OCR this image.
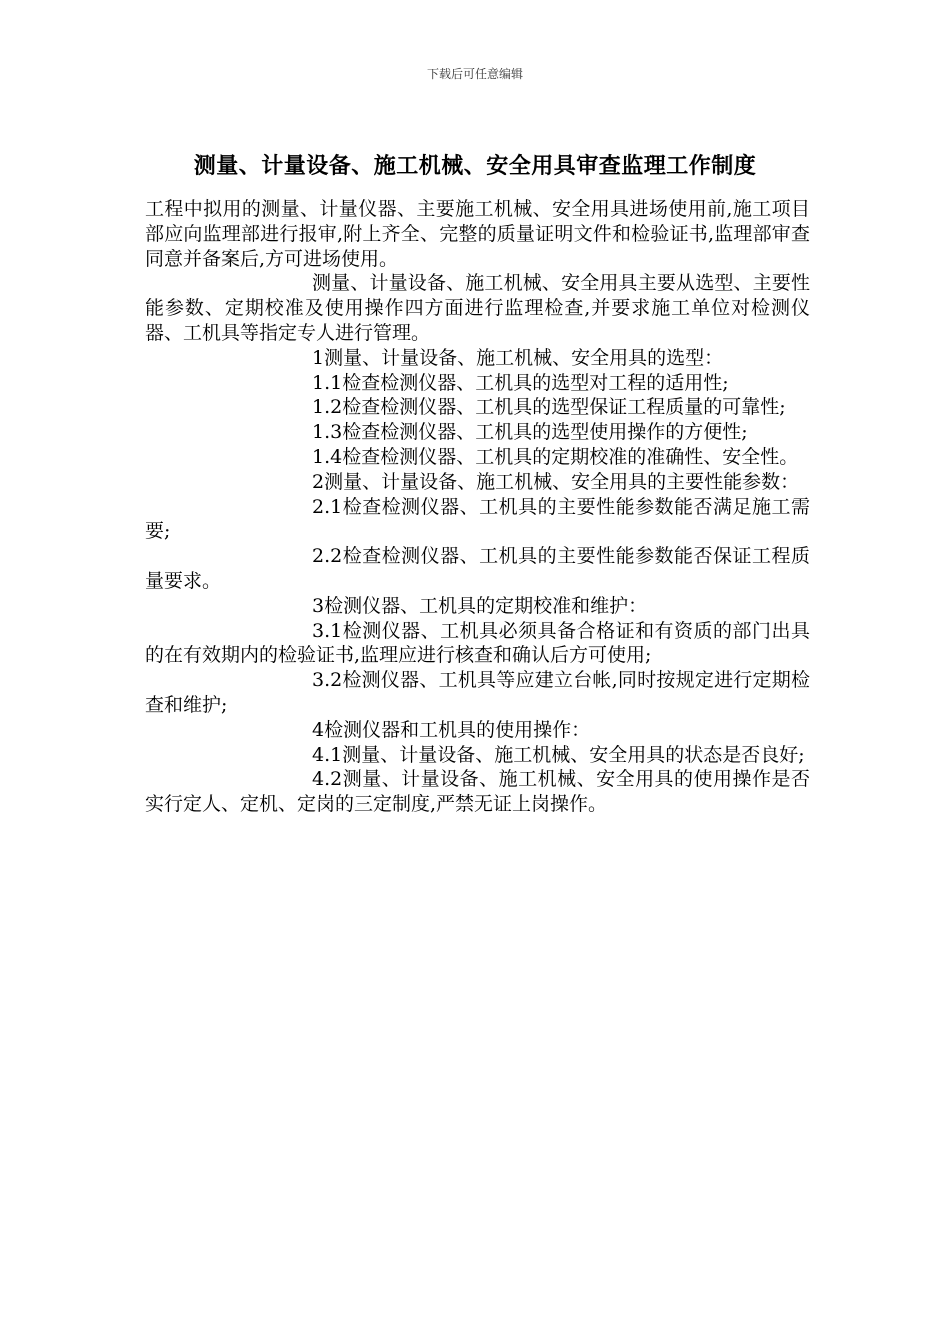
下载后可任意编辑
测量、计量设备、施工机械、安全用具审查监理工作制度

工程中拟用的测量、计量仪器、主要施工机械、安全用具进场使用前,施工项目部应向监理部进行报审,附上齐全、完整的质量证明文件和检验证书,监理部审查同意并备案后,方可进场使用。

测量、计量设备、施工机械、安全用具主要从选型、主要性能参数、定期校准及使用操作四方面进行监理检查,并要求施工单位对检测仪器、工机具等指定专人进行管理。

1测量、计量设备、施工机械、安全用具的选型：

1.1检查检测仪器、工机具的选型对工程的适用性;

1.2检查检测仪器、工机具的选型保证工程质量的可靠性;

1.3检查检测仪器、工机具的选型使用操作的方便性;

1.4检查检测仪器、工机具的定期校准的准确性、安全性。

2测量、计量设备、施工机械、安全用具的主要性能参数：

2.1检查检测仪器、工机具的主要性能参数能否满足施工需要;

2.2检查检测仪器、工机具的主要性能参数能否保证工程质量要求。

3检测仪器、工机具的定期校准和维护：

3.1检测仪器、工机具必须具备合格证和有资质的部门出具的在有效期内的检验证书,监理应进行核查和确认后方可使用;

3.2检测仪器、工机具等应建立台帐,同时按规定进行定期检查和维护;

4检测仪器和工机具的使用操作：

4.1测量、计量设备、施工机械、安全用具的状态是否良好;

4.2测量、计量设备、施工机械、安全用具的使用操作是否实行定人、定机、定岗的三定制度,严禁无证上岗操作。
